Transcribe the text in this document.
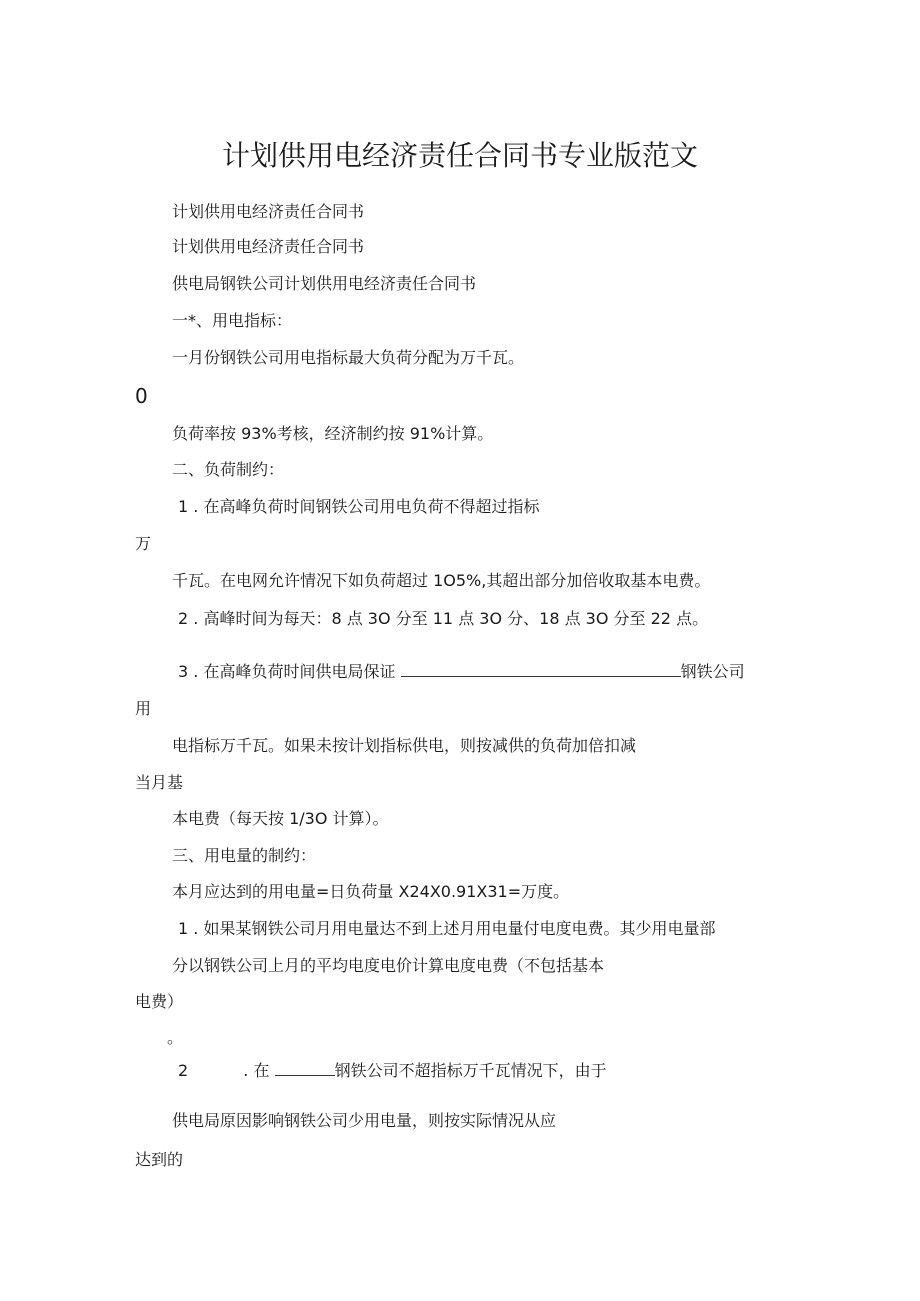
计划供用电经济责任合同书专业版范文
计划供用电经济责任合同书
计划供用电经济责任合同书
供电局钢铁公司计划供用电经济责任合同书
一*、用电指标：
一月份钢铁公司用电指标最大负荷分配为万千瓦。
0
负荷率按 93%考核，经济制约按 91%计算。
二、负荷制约：
1 . 在高峰负荷时间钢铁公司用电负荷不得超过指标
万
千瓦。在电网允许情况下如负荷超过 1O5%,其超出部分加倍收取基本电费。
2 . 高峰时间为每天：8 点 3O 分至 11 点 3O 分、18 点 3O 分至 22 点。
3 . 在高峰负荷时间供电局保证	钢铁公司
用
电指标万千瓦。如果未按计划指标供电，则按减供的负荷加倍扣减
当月基
本电费（每天按 1/3O 计算）。
三、用电量的制约：
本月应达到的用电量=日负荷量 X24X0.91X31=万度。
1 . 如果某钢铁公司月用电量达不到上述月用电量付电度电费。其少用电量部
分以钢铁公司上月的平均电度电价计算电度电费（不包括基本
电费）
。
2	. 在	钢铁公司不超指标万千瓦情况下，由于
供电局原因影响钢铁公司少用电量，则按实际情况从应
达到的
